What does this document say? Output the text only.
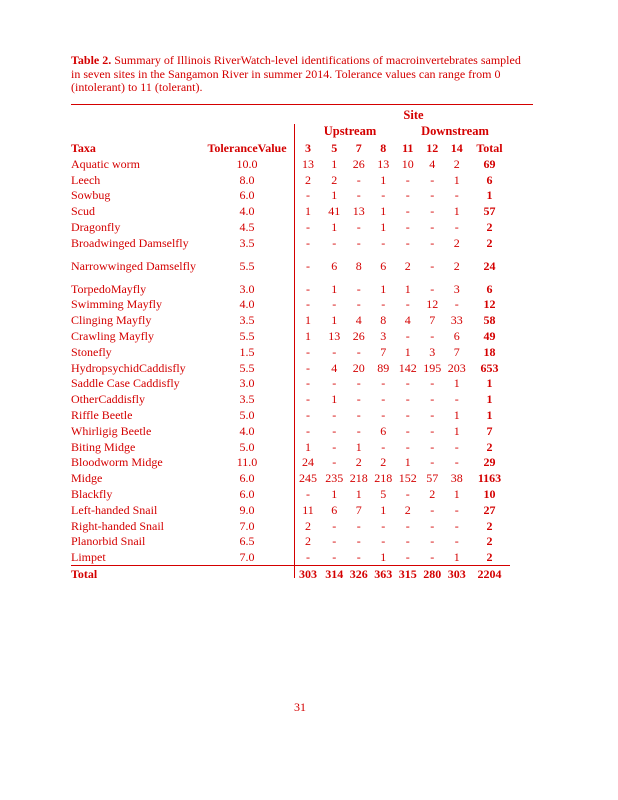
Table 2. Summary of Illinois RiverWatch-level identifications of macroinvertebrates sampled in seven sites in the Sangamon River in summer 2014. Tolerance values can range from 0 (intolerant) to 11 (tolerant).
Site
Upstream	Downstream
Taxa	ToleranceValue	3	5	7	8	11	12	14	Total
Aquatic worm	10.0	13	1	26	13	10	4	2	69
Leech	8.0	2	2	-	1	-	-	1	6
Sowbug	6.0	-	1	-	-	-	-	-	1
Scud	4.0	1	41	13	1	-	-	1	57
Dragonfly	4.5	-	1	-	1	-	-	-	2
Broadwinged Damselfly	3.5	-	-	-	-	-	-	2	2
Narrowwinged Damselfly	5.5	-	6	8	6	2	-	2	24
TorpedoMayfly	3.0	-	1	-	1	1	-	3	6
Swimming Mayfly	4.0	-	-	-	-	-	12	-	12
Clinging Mayfly	3.5	1	1	4	8	4	7	33	58
Crawling Mayfly	5.5	1	13	26	3	-	-	6	49
Stonefly	1.5	-	-	-	7	1	3	7	18
HydropsychidCaddisfly	5.5	-	4	20	89	142	195	203	653
Saddle Case Caddisfly	3.0	-	-	-	-	-	-	1	1
OtherCaddisfly	3.5	-	1	-	-	-	-	-	1
Riffle Beetle	5.0	-	-	-	-	-	-	1	1
Whirligig Beetle	4.0	-	-	-	6	-	-	1	7
Biting Midge	5.0	1	-	1	-	-	-	-	2
Bloodworm Midge	11.0	24	-	2	2	1	-	-	29
Midge	6.0	245	235	218	218	152	57	38	1163
Blackfly	6.0	-	1	1	5	-	2	1	10
Left-handed Snail	9.0	11	6	7	1	2	-	-	27
Right-handed Snail	7.0	2	-	-	-	-	-	-	2
Planorbid Snail	6.5	2	-	-	-	-	-	-	2
Limpet	7.0	-	-	-	1	-	-	1	2
Total		303	314	326	363	315	280	303	2204
31
